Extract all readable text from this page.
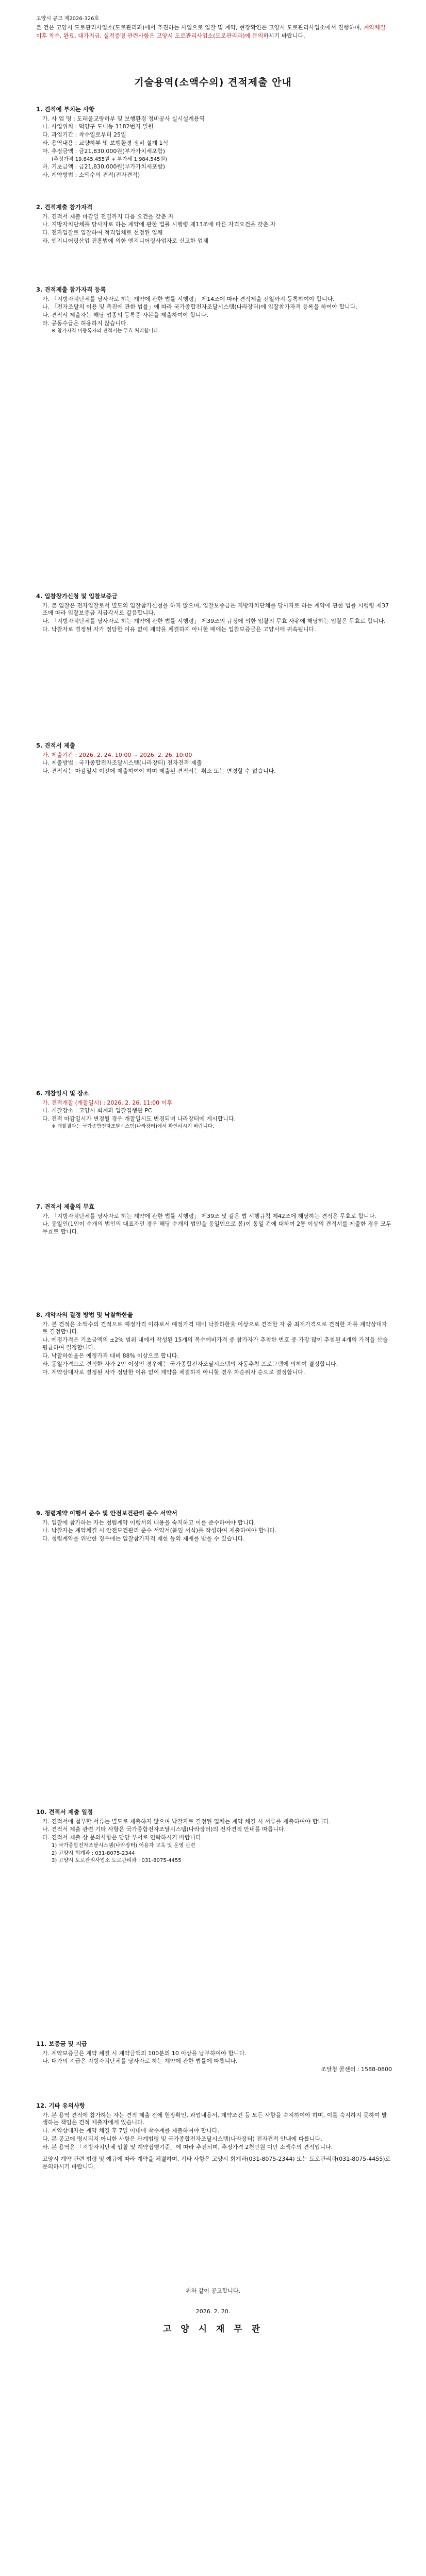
고양시 공고 제2026-326호
본 건은 고양시 도로관리사업소(도로관리과)에서 추진하는 사업으로 입찰 및 계약, 현장확인은 고양시 도로관리사업소에서 진행하며, 계약체결 이후 착수, 완료, 대가지급, 실적증명 관련사항은 고양시 도로관리사업소(도로관리과)에 문의하시기 바랍니다.
기술용역(소액수의) 견적제출 안내
1. 견적에 부치는 사항
가. 사 업 명 : 도래울교량하부 및 보행환경 정비공사 실시설계용역
나. 사업위치 : 덕양구 도내동 1182번지 일원
다. 과업기간 : 착수일로부터 25일
라. 용역내용 : 교량하부 및 보행환경 정비 설계 1식
마. 추정금액 : 금21,830,000원(부가가치세포함)
(추정가격 19,845,455원 + 부가세 1,984,545원)
바. 기초금액 : 금21,830,000원(부가가치세포함)
사. 계약방법 : 소액수의 견적(전자견적)
2. 견적제출 참가자격
가. 견적서 제출 마감일 전일까지 다음 요건을 갖춘 자
나. 지방자치단체를 당사자로 하는 계약에 관한 법률 시행령 제13조에 따른 자격요건을 갖춘 자
다. 전자입찰로 입찰하여 적격업체로 선정된 업체
라. 엔지니어링산업 진흥법에 의한 엔지니어링사업자로 신고한 업체
3. 견적제출 참가자격 등록
가. 「지방자치단체를 당사자로 하는 계약에 관한 법률 시행령」 제14조에 따라 견적제출 전일까지 등록하여야 합니다.
나. 「전자조달의 이용 및 촉진에 관한 법률」에 따라 국가종합전자조달시스템(나라장터)에 입찰참가자격 등록을 하여야 합니다.
다. 견적서 제출자는 해당 업종의 등록증 사본을 제출하여야 합니다.
라. 공동수급은 허용하지 않습니다.
※ 참가자격 미등록자의 견적서는 무효 처리합니다.
4. 입찰참가신청 및 입찰보증금
가. 본 입찰은 전자입찰로서 별도의 입찰참가신청을 하지 않으며, 입찰보증금은 지방자치단체를 당사자로 하는 계약에 관한 법률 시행령 제37조에 따라 입찰보증금 지급각서로 갈음합니다.
나. 「지방자치단체를 당사자로 하는 계약에 관한 법률 시행령」 제39조의 규정에 의한 입찰의 무효 사유에 해당하는 입찰은 무효로 합니다.
다. 낙찰자로 결정된 자가 정당한 이유 없이 계약을 체결하지 아니한 때에는 입찰보증금은 고양시에 귀속됩니다.
5. 견적서 제출
가. 제출기간 : 2026. 2. 24. 10:00 ~ 2026. 2. 26. 10:00
나. 제출방법 : 국가종합전자조달시스템(나라장터) 전자견적 제출
다. 견적서는 마감일시 이전에 제출하여야 하며 제출된 견적서는 취소 또는 변경할 수 없습니다.
6. 개찰일시 및 장소
가. 견적개찰 (개찰일시) : 2026. 2. 26. 11:00 이후
나. 개찰장소 : 고양시 회계과 입찰집행관 PC
다. 견적 마감일시가 변경될 경우 개찰일시도 변경되며 나라장터에 게시합니다.
※ 개찰결과는 국가종합전자조달시스템(나라장터)에서 확인하시기 바랍니다.
7. 견적서 제출의 무효
가. 「지방자치단체를 당사자로 하는 계약에 관한 법률 시행령」 제39조 및 같은 법 시행규칙 제42조에 해당하는 견적은 무효로 합니다.
나. 동일인(1인이 수개의 법인의 대표자인 경우 해당 수개의 법인을 동일인으로 봄)이 동일 건에 대하여 2통 이상의 견적서를 제출한 경우 모두 무효로 합니다.
8. 계약자의 결정 방법 및 낙찰하한율
가. 본 견적은 소액수의 견적으로 예정가격 이하로서 예정가격 대비 낙찰하한율 이상으로 견적한 자 중 최저가격으로 견적한 자를 계약상대자로 결정합니다.
나. 예정가격은 기초금액의 ±2% 범위 내에서 작성된 15개의 복수예비가격 중 참가자가 추첨한 번호 중 가장 많이 추첨된 4개의 가격을 산술평균하여 결정합니다.
다. 낙찰하한율은 예정가격 대비 88% 이상으로 합니다.
라. 동일가격으로 견적한 자가 2인 이상인 경우에는 국가종합전자조달시스템의 자동추첨 프로그램에 의하여 결정합니다.
마. 계약상대자로 결정된 자가 정당한 이유 없이 계약을 체결하지 아니할 경우 차순위자 순으로 결정합니다.
9. 청렴계약 이행서 준수 및 안전보건관리 준수 서약서
가. 입찰에 참가하는 자는 청렴계약 이행서의 내용을 숙지하고 이를 준수하여야 합니다.
나. 낙찰자는 계약체결 시 안전보건관리 준수 서약서(붙임 서식)를 작성하여 제출하여야 합니다.
다. 청렴계약을 위반한 경우에는 입찰참가자격 제한 등의 제재를 받을 수 있습니다.
10. 견적서 제출 일정
가. 견적서에 첨부할 서류는 별도로 제출하지 않으며 낙찰자로 결정된 업체는 계약 체결 시 서류를 제출하여야 합니다.
나. 견적서 제출 관련 기타 사항은 국가종합전자조달시스템(나라장터)의 전자견적 안내를 따릅니다.
다. 견적서 제출 상 문의사항은 담당 부서로 연락하시기 바랍니다.
1) 국가종합전자조달시스템(나라장터) 이용자 교육 및 운영 관련
2) 고양시 회계과 : 031-8075-2344
3) 고양시 도로관리사업소 도로관리과 : 031-8075-4455
11. 보증금 및 지급
가. 계약보증금은 계약 체결 시 계약금액의 100분의 10 이상을 납부하여야 합니다.
나. 대가의 지급은 지방자치단체를 당사자로 하는 계약에 관한 법률에 따릅니다.
조달청 콜센터 : 1588-0800
12. 기타 유의사항
가. 본 용역 견적에 참가하는 자는 견적 제출 전에 현장확인, 과업내용서, 계약조건 등 모든 사항을 숙지하여야 하며, 이를 숙지하지 못하여 발생하는 책임은 견적 제출자에게 있습니다.
나. 계약상대자는 계약 체결 후 7일 이내에 착수계를 제출하여야 합니다.
다. 본 공고에 명시되지 아니한 사항은 관계법령 및 국가종합전자조달시스템(나라장터) 전자견적 안내에 따릅니다.
라. 본 용역은 「지방자치단체 입찰 및 계약집행기준」에 따라 추진되며, 추정가격 2천만원 미만 소액수의 견적입니다.
고양시 계약 관련 법령 및 예규에 따라 계약을 체결하며, 기타 사항은 고양시 회계과(031-8075-2344) 또는 도로관리과(031-8075-4455)로 문의하시기 바랍니다.
위와 같이 공고합니다.
2026. 2. 20.
고 양 시 재 무 관
